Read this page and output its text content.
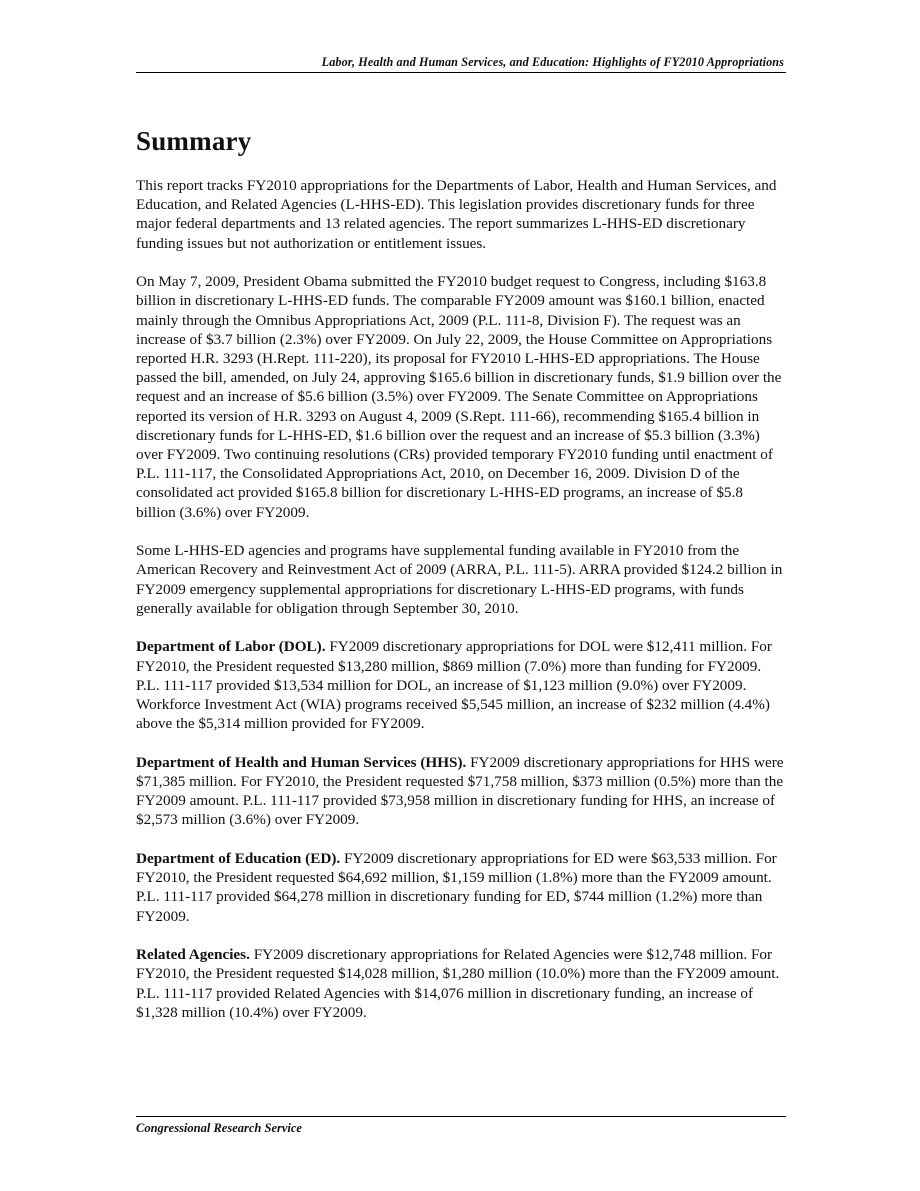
Labor, Health and Human Services, and Education: Highlights of FY2010 Appropriations
Summary

This report tracks FY2010 appropriations for the Departments of Labor, Health and Human Services, and Education, and Related Agencies (L-HHS-ED). This legislation provides discretionary funds for three major federal departments and 13 related agencies. The report summarizes L-HHS-ED discretionary funding issues but not authorization or entitlement issues.

On May 7, 2009, President Obama submitted the FY2010 budget request to Congress, including $163.8 billion in discretionary L-HHS-ED funds. The comparable FY2009 amount was $160.1 billion, enacted mainly through the Omnibus Appropriations Act, 2009 (P.L. 111-8, Division F). The request was an increase of $3.7 billion (2.3%) over FY2009. On July 22, 2009, the House Committee on Appropriations reported H.R. 3293 (H.Rept. 111-220), its proposal for FY2010 L-HHS-ED appropriations. The House passed the bill, amended, on July 24, approving $165.6 billion in discretionary funds, $1.9 billion over the request and an increase of $5.6 billion (3.5%) over FY2009. The Senate Committee on Appropriations reported its version of H.R. 3293 on August 4, 2009 (S.Rept. 111-66), recommending $165.4 billion in discretionary funds for L-HHS-ED, $1.6 billion over the request and an increase of $5.3 billion (3.3%) over FY2009. Two continuing resolutions (CRs) provided temporary FY2010 funding until enactment of P.L. 111-117, the Consolidated Appropriations Act, 2010, on December 16, 2009. Division D of the consolidated act provided $165.8 billion for discretionary L-HHS-ED programs, an increase of $5.8 billion (3.6%) over FY2009.

Some L-HHS-ED agencies and programs have supplemental funding available in FY2010 from the American Recovery and Reinvestment Act of 2009 (ARRA, P.L. 111-5). ARRA provided $124.2 billion in FY2009 emergency supplemental appropriations for discretionary L-HHS-ED programs, with funds generally available for obligation through September 30, 2010.

Department of Labor (DOL). FY2009 discretionary appropriations for DOL were $12,411 million. For FY2010, the President requested $13,280 million, $869 million (7.0%) more than funding for FY2009. P.L. 111-117 provided $13,534 million for DOL, an increase of $1,123 million (9.0%) over FY2009. Workforce Investment Act (WIA) programs received $5,545 million, an increase of $232 million (4.4%) above the $5,314 million provided for FY2009.

Department of Health and Human Services (HHS). FY2009 discretionary appropriations for HHS were $71,385 million. For FY2010, the President requested $71,758 million, $373 million (0.5%) more than the FY2009 amount. P.L. 111-117 provided $73,958 million in discretionary funding for HHS, an increase of $2,573 million (3.6%) over FY2009.

Department of Education (ED). FY2009 discretionary appropriations for ED were $63,533 million. For FY2010, the President requested $64,692 million, $1,159 million (1.8%) more than the FY2009 amount. P.L. 111-117 provided $64,278 million in discretionary funding for ED, $744 million (1.2%) more than FY2009.

Related Agencies. FY2009 discretionary appropriations for Related Agencies were $12,748 million. For FY2010, the President requested $14,028 million, $1,280 million (10.0%) more than the FY2009 amount. P.L. 111-117 provided Related Agencies with $14,076 million in discretionary funding, an increase of $1,328 million (10.4%) over FY2009.

Congressional Research Service
